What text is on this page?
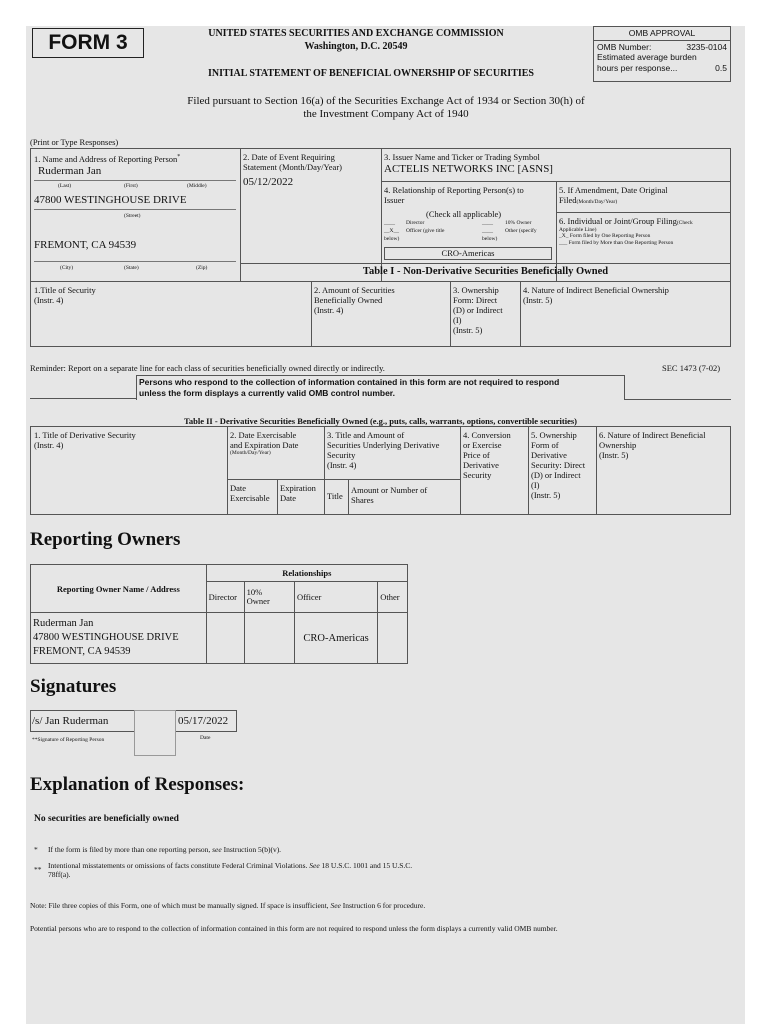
FORM 3	UNITED STATES SECURITIES AND EXCHANGE COMMISSION
Washington, D.C. 20549
INITIAL STATEMENT OF BENEFICIAL OWNERSHIP OF SECURITIES
OMB APPROVAL
OMB Number:	3235-0104
Estimated average burden
hours per response...	0.5
Filed pursuant to Section 16(a) of the Securities Exchange Act of 1934 or Section 30(h) of
the Investment Company Act of 1940
(Print or Type Responses)
1. Name and Address of Reporting Person*
Ruderman Jan
(Last)	(First)	(Middle)
47800 WESTINGHOUSE DRIVE
(Street)
FREMONT, CA 94539
(City)	(State)	(Zip)
2. Date of Event Requiring
Statement (Month/Day/Year)
05/12/2022
3. Issuer Name and Ticker or Trading Symbol
ACTELIS NETWORKS INC [ASNS]
4. Relationship of Reporting Person(s) to
Issuer
(Check all applicable)
____ Director	____ 10% Owner
__X__ Officer (give title	____ Other (specify
below)	below)
CRO-Americas
5. If Amendment, Date Original
Filed(Month/Day/Year)
6. Individual or Joint/Group Filing(Check
Applicable Line)
_X_ Form filed by One Reporting Person
___ Form filed by More than One Reporting Person
Table I - Non-Derivative Securities Beneficially Owned
1.Title of Security
(Instr. 4)
2. Amount of Securities
Beneficially Owned
(Instr. 4)
3. Ownership
Form: Direct
(D) or Indirect
(I)
(Instr. 5)
4. Nature of Indirect Beneficial Ownership
(Instr. 5)
Reminder: Report on a separate line for each class of securities beneficially owned directly or indirectly.	SEC 1473 (7-02)
Persons who respond to the collection of information contained in this form are not required to respond
unless the form displays a currently valid OMB control number.
Table II - Derivative Securities Beneficially Owned (e.g., puts, calls, warrants, options, convertible securities)
1. Title of Derivative Security
(Instr. 4)
2. Date Exercisable
and Expiration Date
(Month/Day/Year)
Date
Exercisable
Expiration
Date
3. Title and Amount of
Securities Underlying Derivative
Security
(Instr. 4)
Title
Amount or Number of
Shares
4. Conversion
or Exercise
Price of
Derivative
Security
5. Ownership
Form of
Derivative
Security: Direct
(D) or Indirect
(I)
(Instr. 5)
6. Nature of Indirect Beneficial
Ownership
(Instr. 5)
Reporting Owners
Reporting Owner Name / Address	Relationships			
	Director	10%
Owner	Officer	Other

Ruderman Jan
47800 WESTINGHOUSE DRIVE
FREMONT, CA 94539			CRO-Americas	
Signatures
/s/ Jan Ruderman
**Signature of Reporting Person
05/17/2022
Date
Explanation of Responses:
No securities are beneficially owned
* If the form is filed by more than one reporting person, see Instruction 5(b)(v).
** Intentional misstatements or omissions of facts constitute Federal Criminal Violations. See 18 U.S.C. 1001 and 15 U.S.C.
78ff(a).
Note: File three copies of this Form, one of which must be manually signed. If space is insufficient, See Instruction 6 for procedure.
Potential persons who are to respond to the collection of information contained in this form are not required to respond unless the form displays a currently valid OMB number.
